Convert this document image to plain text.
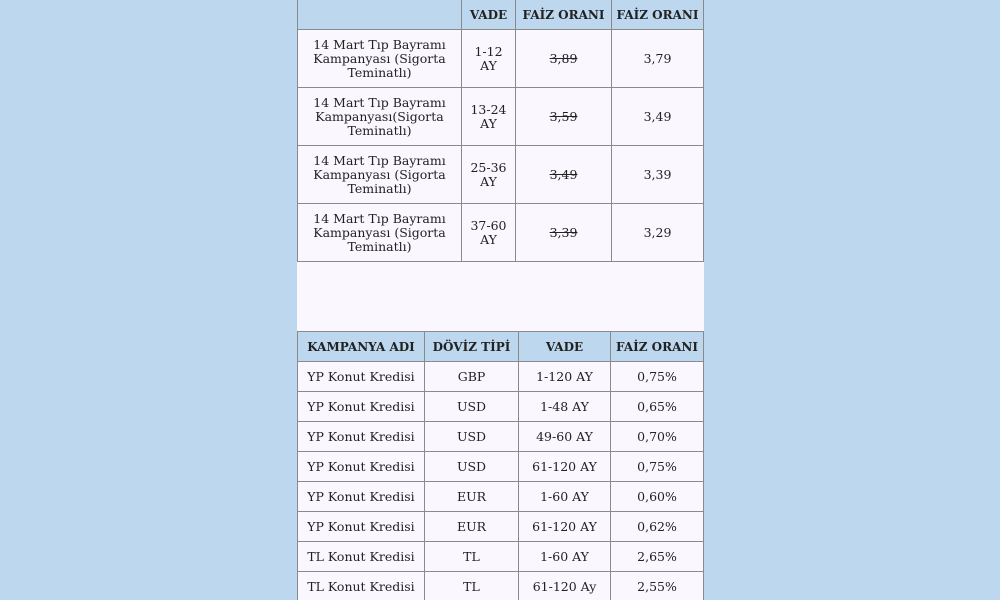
	VADE	FAİZ ORANI	FAİZ ORANI
14 Mart Tıp Bayramı Kampanyası (Sigorta Teminatlı)	1-12 AY	3,89	3,79
14 Mart Tıp Bayramı Kampanyası(Sigorta Teminatlı)	13-24 AY	3,59	3,49
14 Mart Tıp Bayramı Kampanyası (Sigorta Teminatlı)	25-36 AY	3,49	3,39
14 Mart Tıp Bayramı Kampanyası (Sigorta Teminatlı)	37-60 AY	3,39	3,29
KAMPANYA ADI	DÖVİZ TİPİ	VADE	FAİZ ORANI
YP Konut Kredisi	GBP	1-120 AY	0,75%
YP Konut Kredisi	USD	1-48 AY	0,65%
YP Konut Kredisi	USD	49-60 AY	0,70%
YP Konut Kredisi	USD	61-120 AY	0,75%
YP Konut Kredisi	EUR	1-60 AY	0,60%
YP Konut Kredisi	EUR	61-120 AY	0,62%
TL Konut Kredisi	TL	1-60 AY	2,65%
TL Konut Kredisi	TL	61-120 Ay	2,55%
